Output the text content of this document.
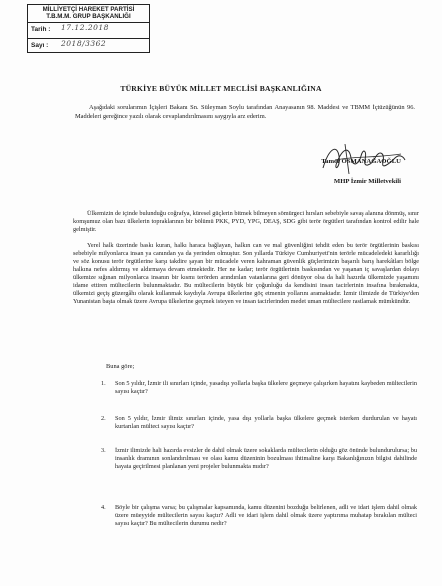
MİLLİYETÇİ HAREKET PARTİSİ
T.B.M.M. GRUP BAŞKANLIĞI
Tarih : 17.12.2018
Sayı : 2018/3362
TÜRKİYE BÜYÜK MİLLET MECLİSİ BAŞKANLIĞINA
Aşağıdaki sorularımın İçişleri Bakanı Sn. Süleyman Soylu tarafından Anayasanın 98. Maddesi ve TBMM İçtüzüğünün 96. Maddeleri gereğince yazılı olarak cevaplandırılmasını saygıyla arz ederim.
Tamer OSMANAĞAOĞLU
MHP İzmir Milletvekili
Ülkemizin de içinde bulunduğu coğrafya, küresel güçlerin bitmek bilmeyen sömürgeci hırsları sebebiyle savaş alanına dönmüş, sınır komşumuz olan bazı ülkelerin topraklarının bir bölümü PKK, PYD, YPG, DEAŞ, SDG gibi terör örgütleri tarafından kontrol edilir hale gelmiştir.
Yerel halk üzerinde baskı kuran, halkı haraca bağlayan, halkın can ve mal güvenliğini tehdit eden bu terör örgütlerinin baskısı sebebiyle milyonlarca insan ya canından ya da yerinden olmuştur. Son yıllarda Türkiye Cumhuriyeti'nin terörle mücadeledeki kararlılığı ve söz konusu terör örgütlerine karşı takdire şayan bir mücadele veren kahraman güvenlik güçlerimizin başarılı barış harekâtları bölge halkına nefes aldırmış ve aldırmaya devam etmektedir. Her ne kadar; terör örgütlerinin baskısından ve yaşanan iç savaşlardan dolayı ülkemize sığınan milyonlarca insanın bir kısmı terörden arındırılan vatanlarına geri dönüyor olsa da hali hazırda ülkemizde yaşamını idame ettiren mültecilerin bulunmaktadır. Bu mültecilerin büyük bir çoğunluğu da kendisini insan tacirlerinin insafına bırakmakta, ülkemizi geçiş güzergâhı olarak kullanmak kaydıyla Avrupa ülkelerine göç etmenin yollarını aramaktadır. İzmir ilimizde de Türkiye'den Yunanistan başta olmak üzere Avrupa ülkelerine geçmek isteyen ve insan tacirlerinden medet uman mültecilere rastlamak mümkündür.
Buna göre;
1. Son 5 yıldır, İzmir ili sınırları içinde, yasadışı yollarla başka ülkelere geçmeye çalışırken hayatını kaybeden mültecilerin sayısı kaçtır?
2. Son 5 yıldır, İzmir ilimiz sınırları içinde, yasa dışı yollarla başka ülkelere geçmek isterken durdurulan ve hayatı kurtarılan mülteci sayısı kaçtır?
3. İzmir ilimizde hali hazırda evsizler de dahil olmak üzere sokaklarda mültecilerin olduğu göz önünde bulundurulursa; bu insanlık dramının sonlandırılması ve olası kamu düzeninin bozulması ihtimaline karşı Bakanlığınızın bilgisi dahilinde hayata geçirilmesi planlanan yeni projeler bulunmakta mıdır?
4. Böyle bir çalışma varsa; bu çalışmalar kapsamında, kamu düzenini bozduğu belirlenen, adli ve idari işlem dahil olmak üzere müeyyide mültecilerin sayısı kaçtır? Adli ve idari işlem dahil olmak üzere yaptırıma muhatap bırakılan mülteci sayısı kaçtır? Bu mültecilerin durumu nedir?
